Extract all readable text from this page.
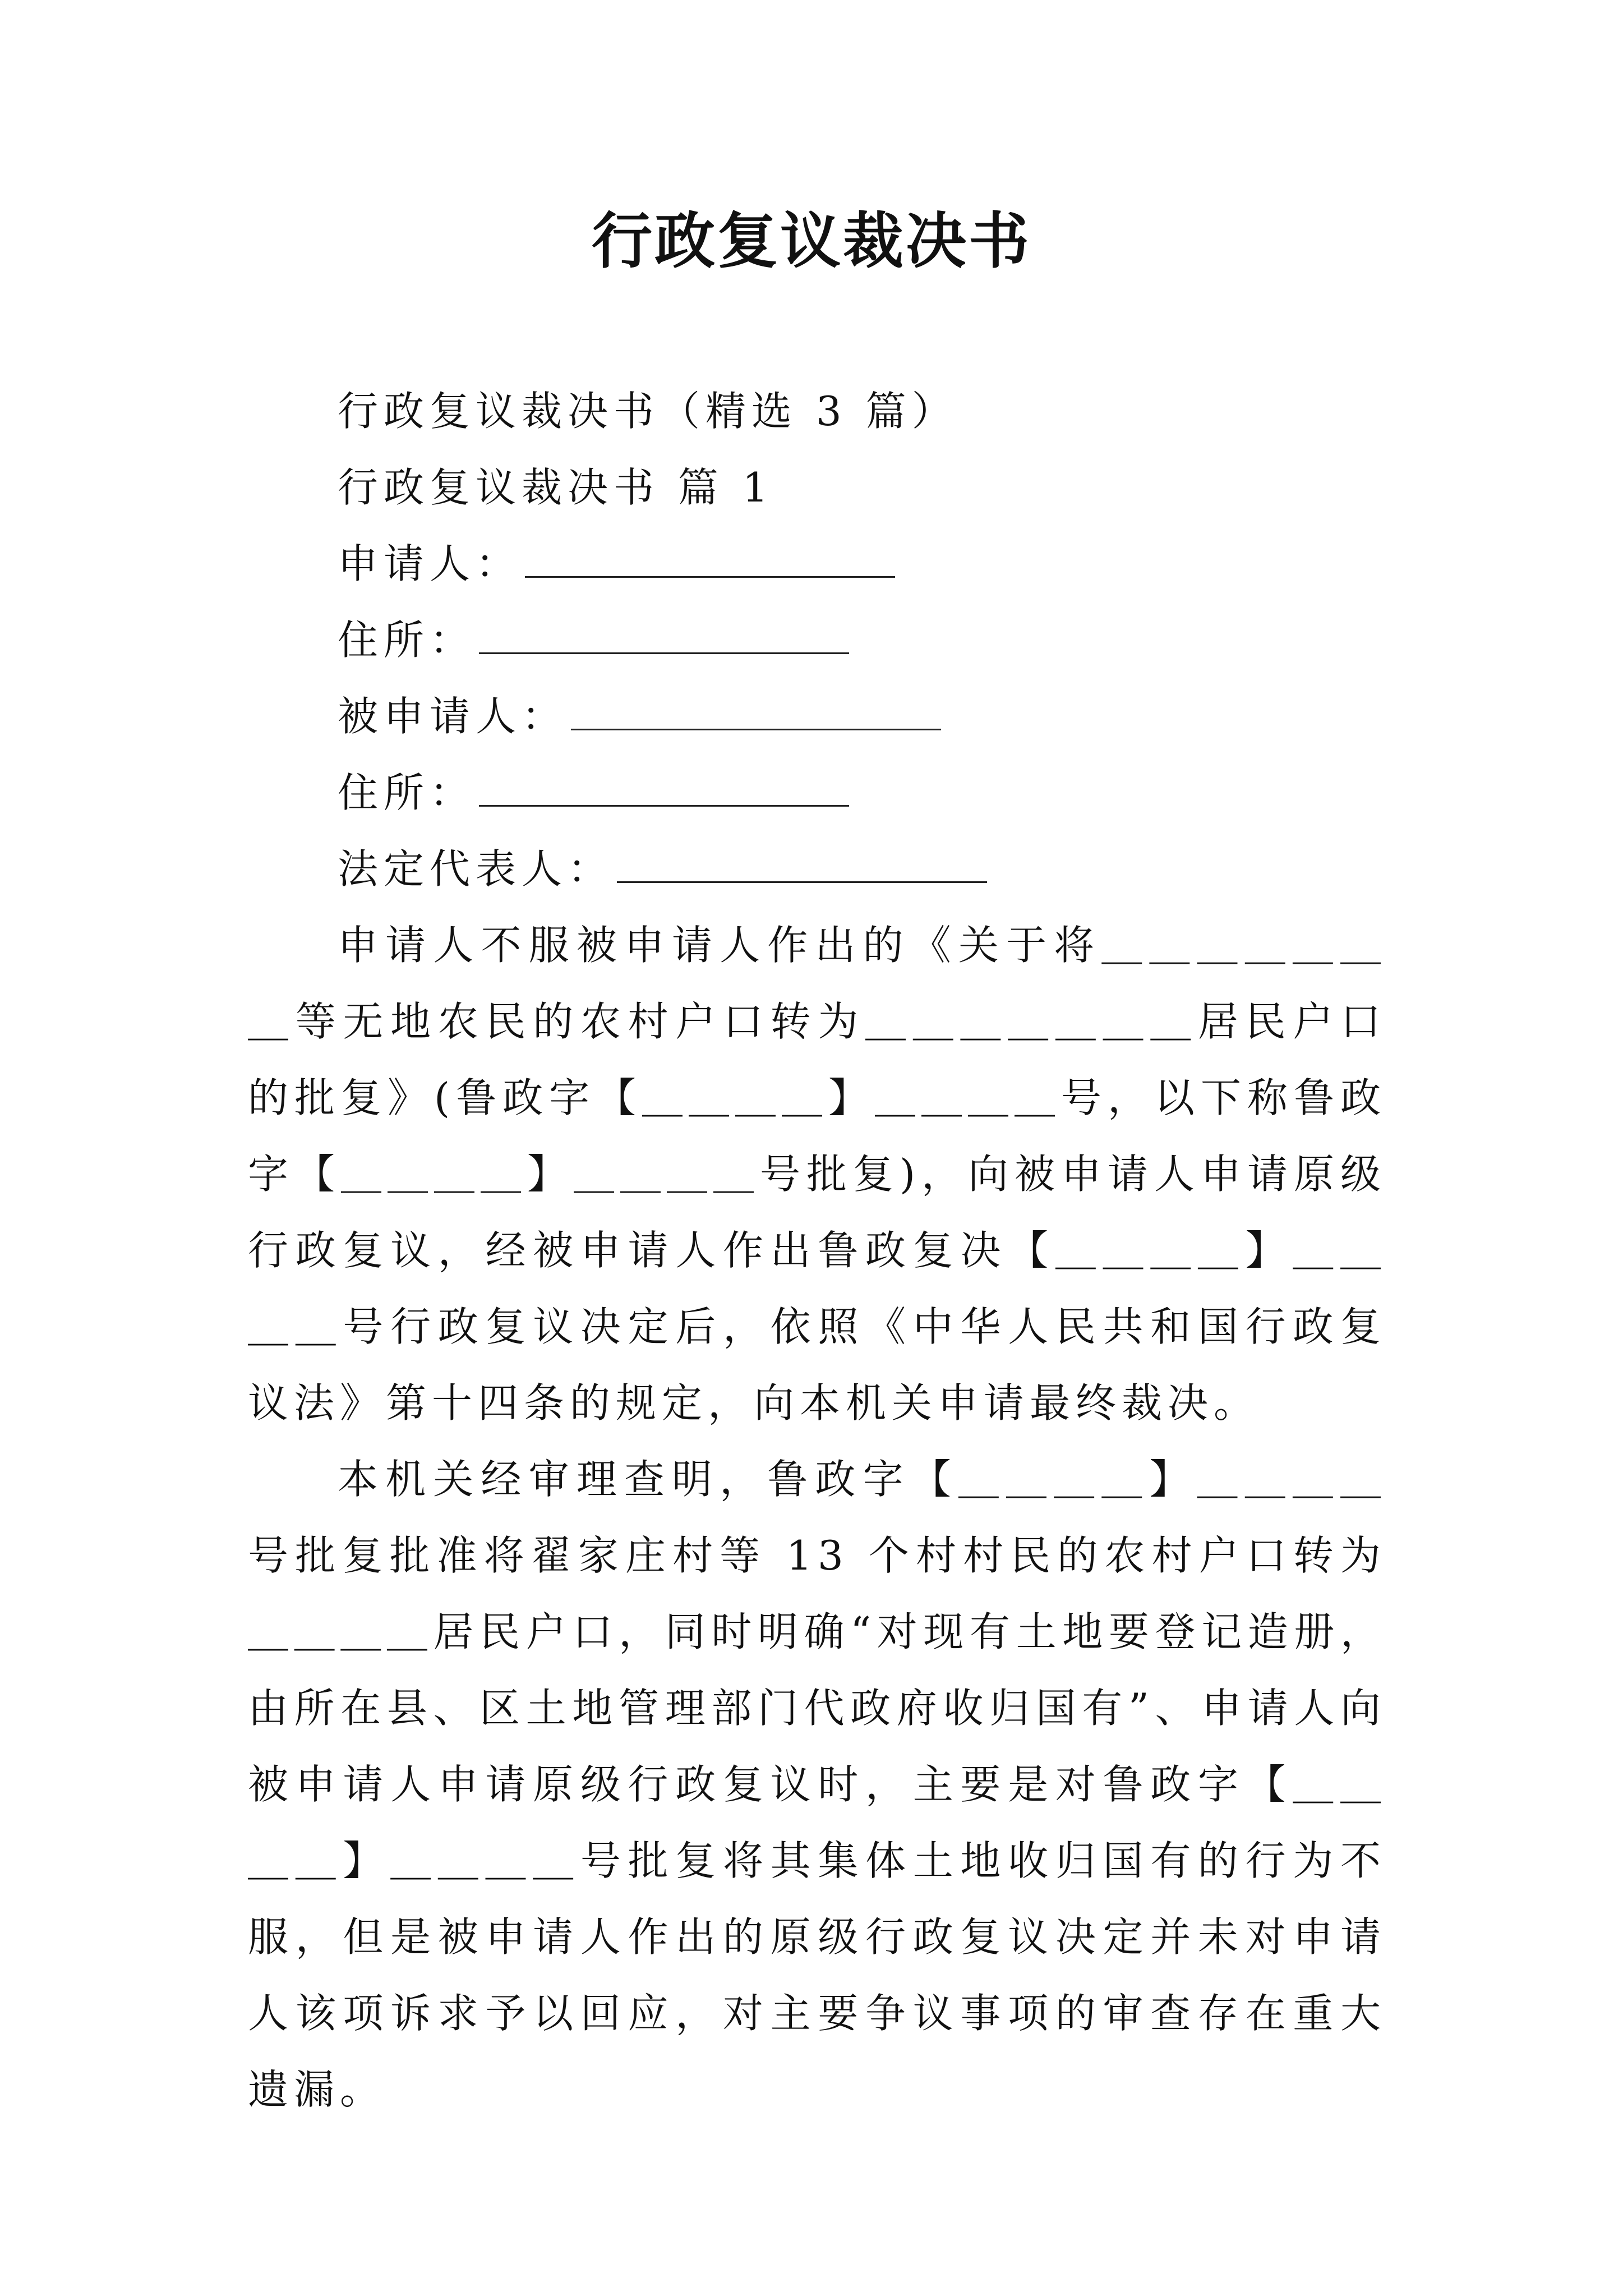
行政复议裁决书
行政复议裁决书（精选 3 篇）
行政复议裁决书 篇 1
申请人：
住所：
被申请人：
住所：
法定代表人：

申请人不服被申请人作出的《关于将＿＿＿＿＿＿＿等无地农民的农村户口转为＿＿＿＿＿＿＿居民户口的批复》(鲁政字【＿＿＿＿】＿＿＿＿号，以下称鲁政字【＿＿＿＿】＿＿＿＿号批复)，向被申请人申请原级行政复议，经被申请人作出鲁政复决【＿＿＿＿】＿＿＿＿号行政复议决定后，依照《中华人民共和国行政复议法》第十四条的规定，向本机关申请最终裁决。

本机关经审理查明，鲁政字【＿＿＿＿】＿＿＿＿号批复批准将翟家庄村等 13 个村村民的农村户口转为＿＿＿＿居民户口，同时明确“对现有土地要登记造册，由所在县、区土地管理部门代政府收归国有”、申请人向被申请人申请原级行政复议时，主要是对鲁政字【＿＿＿＿】＿＿＿＿号批复将其集体土地收归国有的行为不服，但是被申请人作出的原级行政复议决定并未对申请人该项诉求予以回应，对主要争议事项的审查存在重大遗漏。
